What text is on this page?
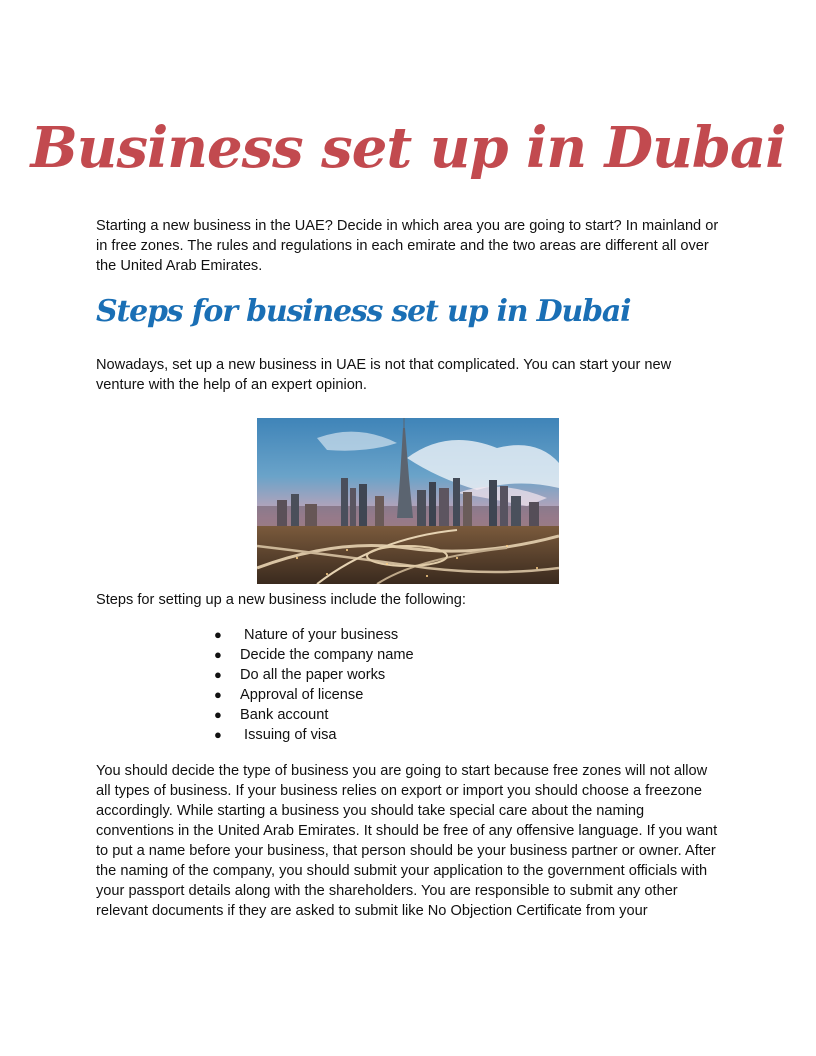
Business set up in Dubai

Starting a new business in the UAE? Decide in which area you are going to start? In mainland or in free zones. The rules and regulations in each emirate and the two areas are different all over the United Arab Emirates.

Steps for business set up in Dubai

Nowadays, set up a new business in UAE is not that complicated. You can start your new venture with the help of an expert opinion.

Steps for setting up a new business include the following:

● Nature of your business
● Decide the company name
● Do all the paper works
● Approval of license
● Bank account
● Issuing of visa

You should decide the type of business you are going to start because free zones will not allow all types of business. If your business relies on export or import you should choose a freezone accordingly. While starting a business you should take special care about the naming conventions in the United Arab Emirates. It should be free of any offensive language. If you want to put a name before your business, that person should be your business partner or owner. After the naming of the company, you should submit your application to the government officials with your passport details along with the shareholders. You are responsible to submit any other relevant documents if they are asked to submit like No Objection Certificate from your
